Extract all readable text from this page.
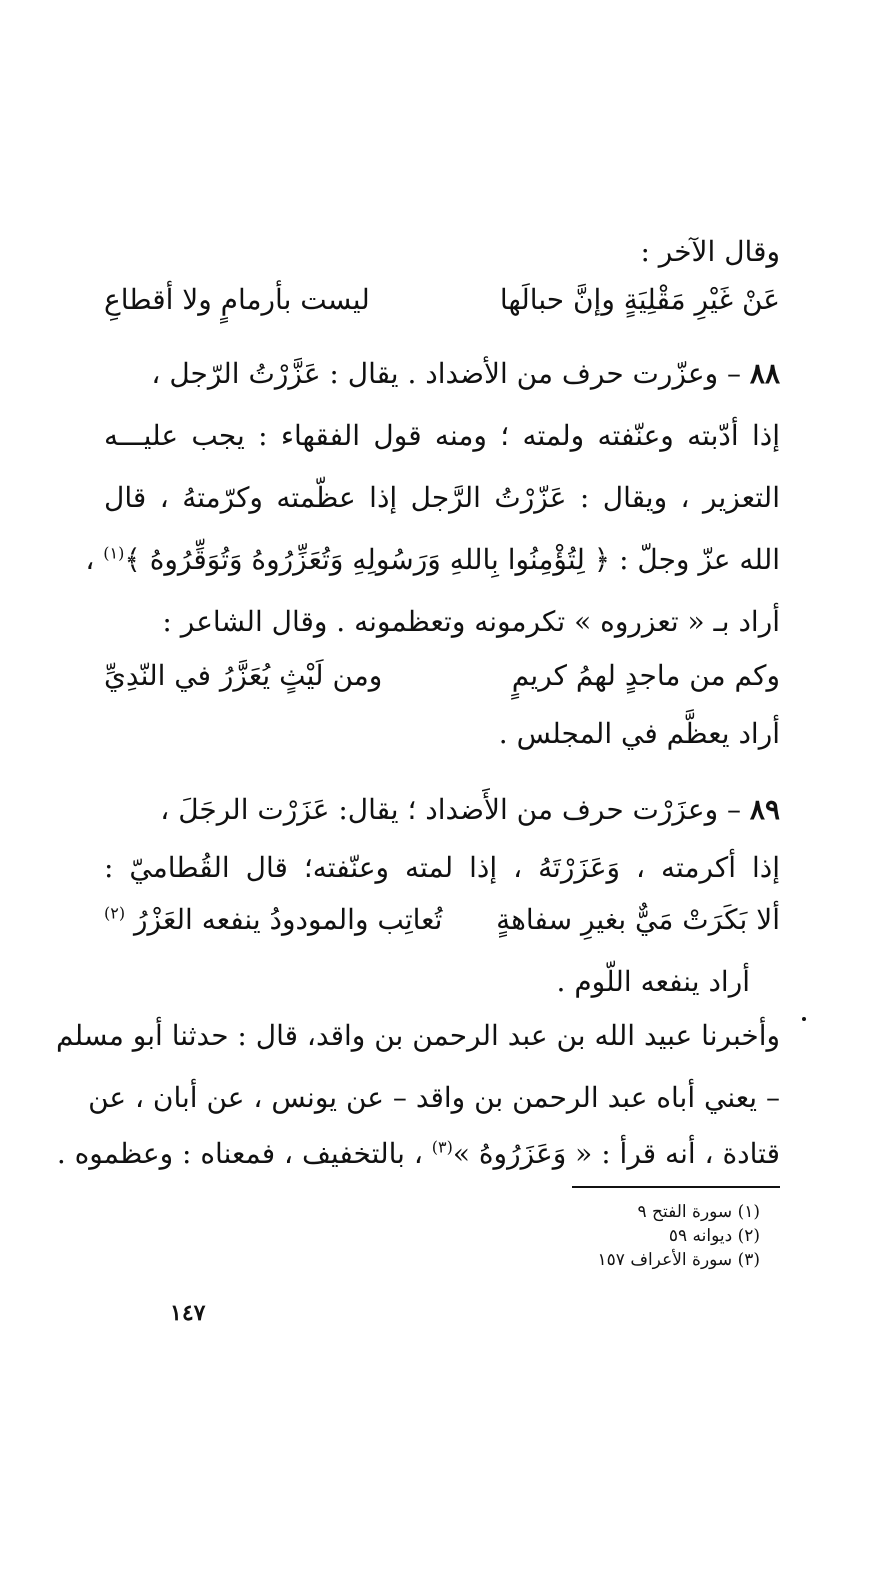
وقال الآخر :
عَنْ غَيْرِ مَقْلِيَةٍ وإنَّ حبالَها
ليست بأرمامٍ ولا أقطاعِ
٨٨ – وعزّرت حرف من الأضداد . يقال : عَزَّرْتُ الرّجل ،
إذا أدّبته وعنّفته ولمته ؛ ومنه قول الفقهاء : يجب عليـــه
التعزير ، ويقال : عَزّرْتُ الرَّجل إذا عظّمته وكرّمتهُ ، قال
الله عزّ وجلّ : ﴿ لِتُؤْمِنُوا بِاللهِ وَرَسُولِهِ وَتُعَزِّرُوهُ وَتُوَقِّرُوهُ ﴾$^{(١)}$ ،
أراد بـ « تعزروه » تكرمونه وتعظمونه . وقال الشاعر :
وكم من ماجدٍ لهمُ كريمٍ
ومن لَيْثٍ يُعَزَّرُ في النّدِيِّ
أراد يعظَّم في المجلس .
٨٩ – وعزَرْت حرف من الأَضداد ؛ يقال: عَزَرْت الرجَلَ ،
إذا أكرمته ، وَعَزَرْتَهُ ، إذا لمته وعنّفته؛ قال القُطاميّ :
ألا بَكَرَتْ مَيٌّ بغيرِ سفاهةٍ
تُعاتِب والمودودُ ينفعه العَزْرُ $^{(٢)}$
أراد ينفعه اللّوم .
وأخبرنا عبيد الله بن عبد الرحمن بن واقد، قال : حدثنا أبو مسلم
– يعني أباه عبد الرحمن بن واقد – عن يونس ، عن أبان ، عن
قتادة ، أنه قرأ : « وَعَزَرُوهُ »$^{(٣)}$ ، بالتخفيف ، فمعناه : وعظموه .
(١) سورة الفتح ٩
(٢) ديوانه ٥٩
(٣) سورة الأعراف ١٥٧
١٤٧
